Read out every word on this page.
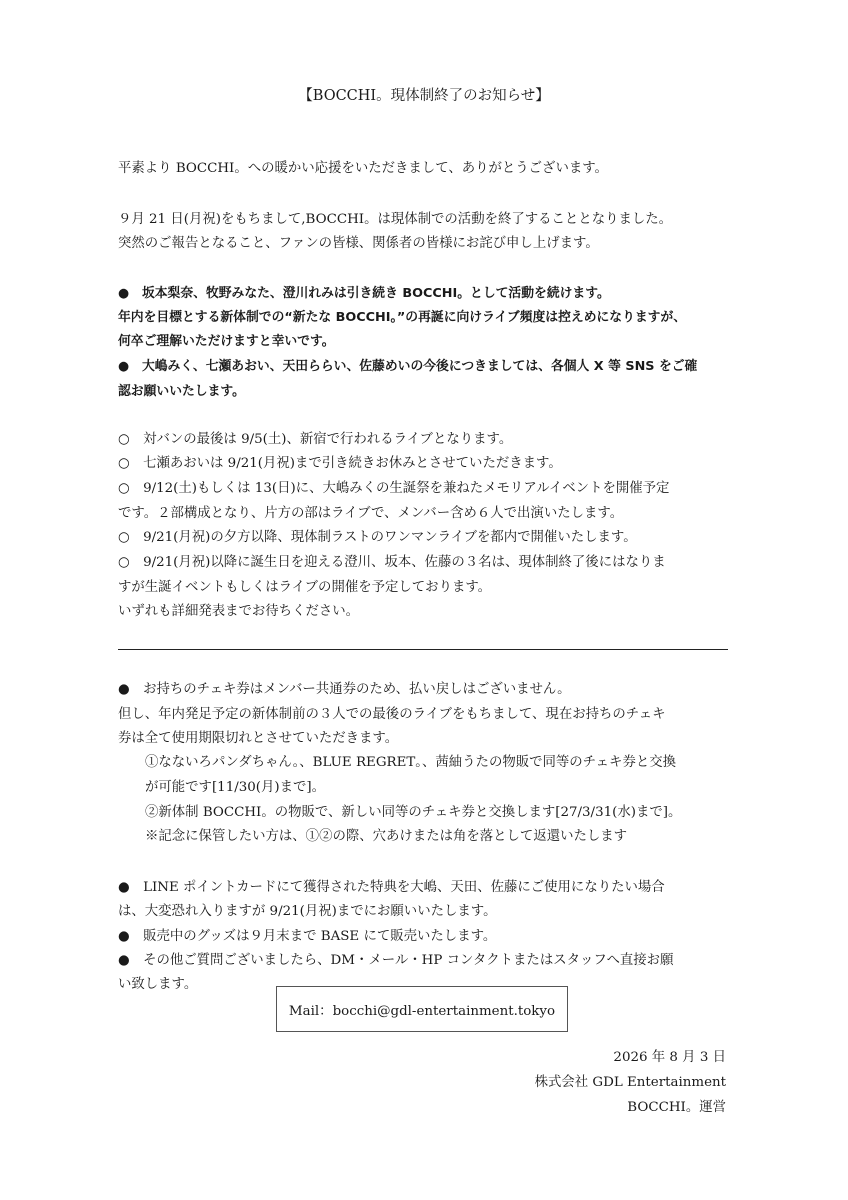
【BOCCHI。現体制終了のお知らせ】
平素より BOCCHI。への暖かい応援をいただきまして、ありがとうございます。
９月 21 日(月祝)をもちまして,BOCCHI。は現体制での活動を終了することとなりました。
突然のご報告となること、ファンの皆様、関係者の皆様にお詫び申し上げます。
●　坂本梨奈、牧野みなた、澄川れみは引き続き BOCCHI。として活動を続けます。
年内を目標とする新体制での“新たな BOCCHI。”の再誕に向けライブ頻度は控えめになりますが、
何卒ご理解いただけますと幸いです。
●　大嶋みく、七瀬あおい、天田ららい、佐藤めいの今後につきましては、各個人 X 等 SNS をご確
認お願いいたします。
○　対バンの最後は 9/5(土)、新宿で行われるライブとなります。
○　七瀬あおいは 9/21(月祝)まで引き続きお休みとさせていただきます。
○　9/12(土)もしくは 13(日)に、大嶋みくの生誕祭を兼ねたメモリアルイベントを開催予定
です。２部構成となり、片方の部はライブで、メンバー含め６人で出演いたします。
○　9/21(月祝)の夕方以降、現体制ラストのワンマンライブを都内で開催いたします。
○　9/21(月祝)以降に誕生日を迎える澄川、坂本、佐藤の３名は、現体制終了後にはなりま
すが生誕イベントもしくはライブの開催を予定しております。
いずれも詳細発表までお待ちください。
●　お持ちのチェキ券はメンバー共通券のため、払い戻しはございません。
但し、年内発足予定の新体制前の３人での最後のライブをもちまして、現在お持ちのチェキ
券は全て使用期限切れとさせていただきます。
①なないろパンダちゃん。、BLUE REGRET。、茜紬うたの物販で同等のチェキ券と交換
が可能です[11/30(月)まで]。
②新体制 BOCCHI。の物販で、新しい同等のチェキ券と交換します[27/3/31(水)まで]。
※記念に保管したい方は、①②の際、穴あけまたは角を落として返還いたします
●　LINE ポイントカードにて獲得された特典を大嶋、天田、佐藤にご使用になりたい場合
は、大変恐れ入りますが 9/21(月祝)までにお願いいたします。
●　販売中のグッズは９月末まで BASE にて販売いたします。
●　その他ご質問ございましたら、DM・メール・HP コンタクトまたはスタッフへ直接お願
い致します。
Mail：bocchi@gdl-entertainment.tokyo
2026 年 8 月 3 日
株式会社 GDL Entertainment
BOCCHI。運営
